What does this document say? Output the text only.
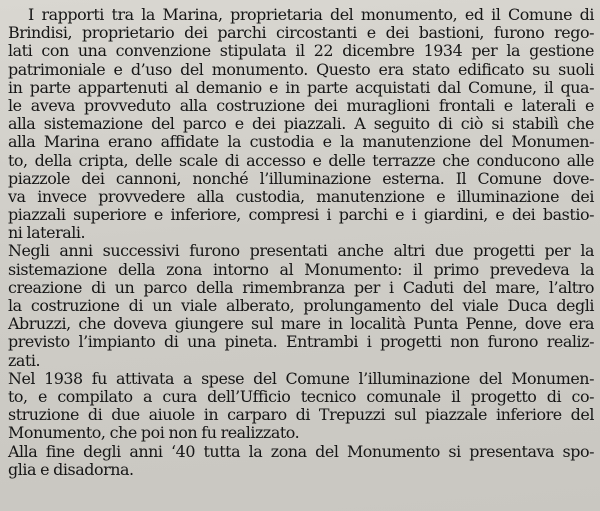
I rapporti tra la Marina, proprietaria del monumento, ed il Comune di
Brindisi, proprietario dei parchi circostanti e dei bastioni, furono rego-
lati con una convenzione stipulata il 22 dicembre 1934 per la gestione
patrimoniale e d’uso del monumento. Questo era stato edificato su suoli
in parte appartenuti al demanio e in parte acquistati dal Comune, il qua-
le aveva provveduto alla costruzione dei muraglioni frontali e laterali e
alla sistemazione del parco e dei piazzali. A seguito di ciò si stabilì che
alla Marina erano affidate la custodia e la manutenzione del Monumen-
to, della cripta, delle scale di accesso e delle terrazze che conducono alle
piazzole dei cannoni, nonché l’illuminazione esterna. Il Comune dove-
va invece provvedere alla custodia, manutenzione e illuminazione dei
piazzali superiore e inferiore, compresi i parchi e i giardini, e dei bastio-
ni laterali.
Negli anni successivi furono presentati anche altri due progetti per la
sistemazione della zona intorno al Monumento: il primo prevedeva la
creazione di un parco della rimembranza per i Caduti del mare, l’altro
la costruzione di un viale alberato, prolungamento del viale Duca degli
Abruzzi, che doveva giungere sul mare in località Punta Penne, dove era
previsto l’impianto di una pineta. Entrambi i progetti non furono realiz-
zati.
Nel 1938 fu attivata a spese del Comune l’illuminazione del Monumen-
to, e compilato a cura dell’Ufficio tecnico comunale il progetto di co-
struzione di due aiuole in carparo di Trepuzzi sul piazzale inferiore del
Monumento, che poi non fu realizzato.
Alla fine degli anni ‘40 tutta la zona del Monumento si presentava spo-
glia e disadorna.
